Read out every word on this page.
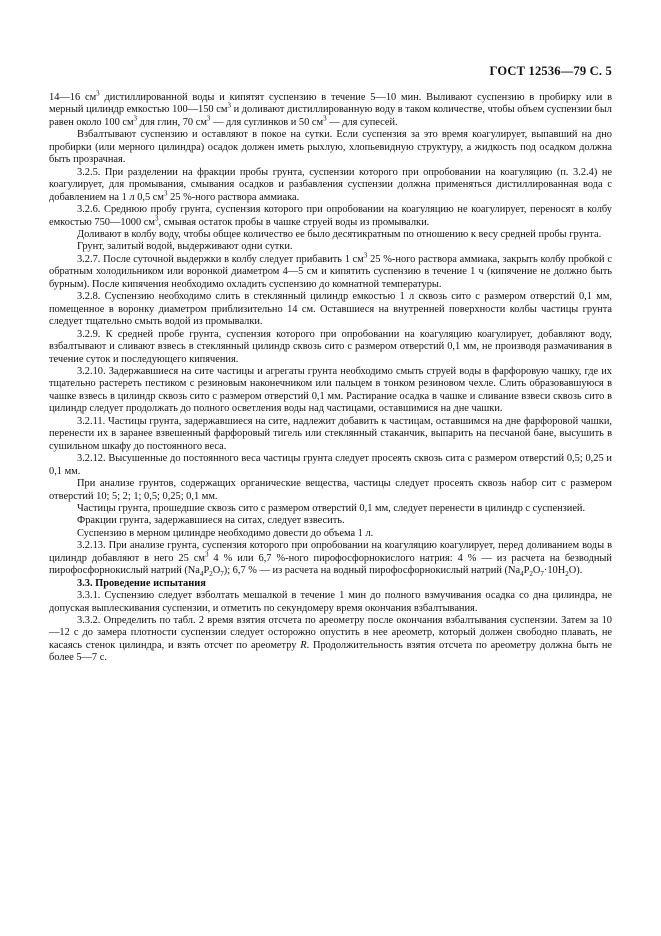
ГОСТ 12536—79 С. 5

14—16 $см^3$ дистиллированной воды и кипятят суспензию в течение 5—10 мин. Выливают суспензию в пробирку или в мерный цилиндр емкостью 100—150 $см^3$ и доливают дистиллированную воду в таком количестве, чтобы объем суспензии был равен около 100 $см^3$ для глин, 70 $см^3$ — для суглинков и 50 $см^3$ — для супесей.

Взбалтывают суспензию и оставляют в покое на сутки. Если суспензия за это время коагулирует, выпавший на дно пробирки (или мерного цилиндра) осадок должен иметь рыхлую, хлопьевидную структуру, а жидкость под осадком должна быть прозрачная.

3.2.5. При разделении на фракции пробы грунта, суспензии которого при опробовании на коагуляцию (п. 3.2.4) не коагулирует, для промывания, смывания осадков и разбавления суспензии должна применяться дистиллированная вода с добавлением на 1 л 0,5 $см^3$ 25 %-ного раствора аммиака.

3.2.6. Среднюю пробу грунта, суспензия которого при опробовании на коагуляцию не коагулирует, переносят в колбу емкостью 750—1000 $см^3$, смывая остаток пробы в чашке струей воды из промывалки.

Доливают в колбу воду, чтобы общее количество ее было десятикратным по отношению к весу средней пробы грунта.

Грунт, залитый водой, выдерживают одни сутки.

3.2.7. После суточной выдержки в колбу следует прибавить 1 $см^3$ 25 %-ного раствора аммиака, закрыть колбу пробкой с обратным холодильником или воронкой диаметром 4—5 см и кипятить суспензию в течение 1 ч (кипячение не должно быть бурным). После кипячения необходимо охладить суспензию до комнатной температуры.

3.2.8. Суспензию необходимо слить в стеклянный цилиндр емкостью 1 л сквозь сито с размером отверстий 0,1 мм, помещенное в воронку диаметром приблизительно 14 см. Оставшиеся на внутренней поверхности колбы частицы грунта следует тщательно смыть водой из промывалки.

3.2.9. К средней пробе грунта, суспензия которого при опробовании на коагуляцию коагулирует, добавляют воду, взбалтывают и сливают взвесь в стеклянный цилиндр сквозь сито с размером отверстий 0,1 мм, не производя размачивания в течение суток и последующего кипячения.

3.2.10. Задержавшиеся на сите частицы и агрегаты грунта необходимо смыть струей воды в фарфоровую чашку, где их тщательно растереть пестиком с резиновым наконечником или пальцем в тонком резиновом чехле. Слить образовавшуюся в чашке взвесь в цилиндр сквозь сито с размером отверстий 0,1 мм. Растирание осадка в чашке и сливание взвеси сквозь сито в цилиндр следует продолжать до полного осветления воды над частицами, оставшимися на дне чашки.

3.2.11. Частицы грунта, задержавшиеся на сите, надлежит добавить к частицам, оставшимся на дне фарфоровой чашки, перенести их в заранее взвешенный фарфоровый тигель или стеклянный стаканчик, выпарить на песчаной бане, высушить в сушильном шкафу до постоянного веса.

3.2.12. Высушенные до постоянного веса частицы грунта следует просеять сквозь сита с размером отверстий 0,5; 0,25 и 0,1 мм.

При анализе грунтов, содержащих органические вещества, частицы следует просеять сквозь набор сит с размером отверстий 10; 5; 2; 1; 0,5; 0,25; 0,1 мм.

Частицы грунта, прошедшие сквозь сито с размером отверстий 0,1 мм, следует перенести в цилиндр с суспензией.

Фракции грунта, задержавшиеся на ситах, следует взвесить.

Суспензию в мерном цилиндре необходимо довести до объема 1 л.

3.2.13. При анализе грунта, суспензия которого при опробовании на коагуляцию коагулирует, перед доливанием воды в цилиндр добавляют в него 25 $см^3$ 4 % или 6,7 %-ного пирофосфорнокислого натрия: 4 % — из расчета на безводный пирофосфорнокислый натрий $(Na_4P_2O_7)$; 6,7 % — из расчета на водный пирофосфорнокислый натрий $(Na_4P_2O_7\cdot 10H_2O)$.

3.3. Проведение испытания

3.3.1. Суспензию следует взболтать мешалкой в течение 1 мин до полного взмучивания осадка со дна цилиндра, не допуская выплескивания суспензии, и отметить по секундомеру время окончания взбалтывания.

3.3.2. Определить по табл. 2 время взятия отсчета по ареометру после окончания взбалтывания суспензии. Затем за 10—12 с до замера плотности суспензии следует осторожно опустить в нее ареометр, который должен свободно плавать, не касаясь стенок цилиндра, и взять отсчет по ареометру R. Продолжительность взятия отсчета по ареометру должна быть не более 5—7 с.
